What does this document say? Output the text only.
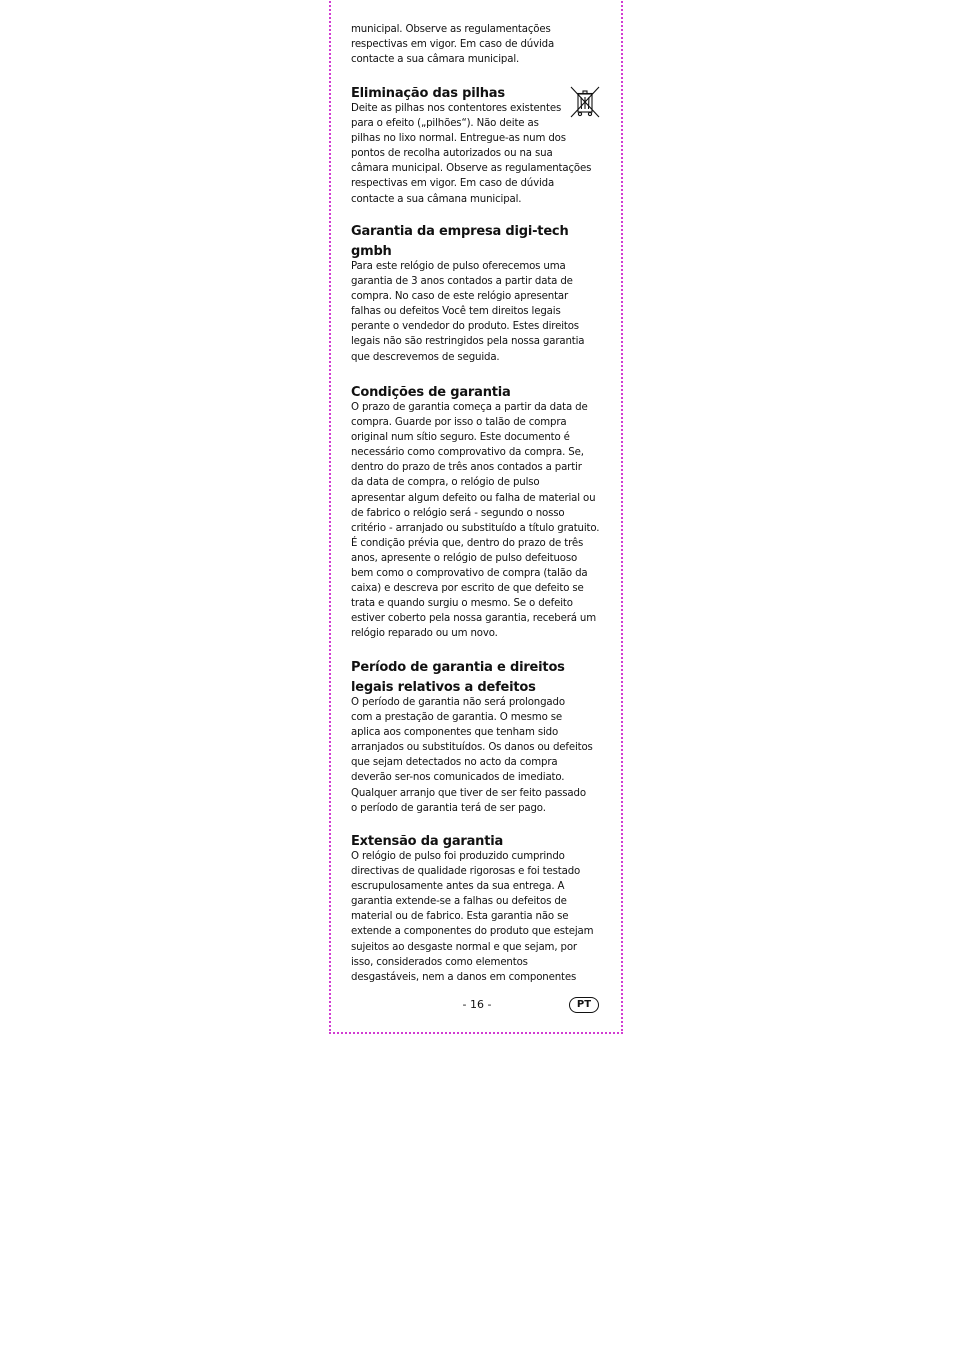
municipal. Observe as regulamentações
respectivas em vigor. Em caso de dúvida
contacte a sua câmara municipal.

Eliminação das pilhas

Deite as pilhas nos contentores existentes
para o efeito („pilhões“). Não deite as
pilhas no lixo normal. Entregue-as num dos
pontos de recolha autorizados ou na sua
câmara municipal. Observe as regulamentações
respectivas em vigor. Em caso de dúvida
contacte a sua câmana municipal.

Garantia da empresa digi-tech
gmbh

Para este relógio de pulso oferecemos uma
garantia de 3 anos contados a partir data de
compra. No caso de este relógio apresentar
falhas ou defeitos Você tem direitos legais
perante o vendedor do produto. Estes direitos
legais não são restringidos pela nossa garantia
que descrevemos de seguida.

Condições de garantia

O prazo de garantia começa a partir da data de
compra. Guarde por isso o talão de compra
original num sítio seguro. Este documento é
necessário como comprovativo da compra. Se,
dentro do prazo de três anos contados a partir
da data de compra, o relógio de pulso
apresentar algum defeito ou falha de material ou
de fabrico o relógio será - segundo o nosso
critério - arranjado ou substituído a título gratuito.
É condição prévia que, dentro do prazo de três
anos, apresente o relógio de pulso defeituoso
bem como o comprovativo de compra (talão da
caixa) e descreva por escrito de que defeito se
trata e quando surgiu o mesmo. Se o defeito
estiver coberto pela nossa garantia, receberá um
relógio reparado ou um novo.

Período de garantia e direitos
legais relativos a defeitos

O período de garantia não será prolongado
com a prestação de garantia. O mesmo se
aplica aos componentes que tenham sido
arranjados ou substituídos. Os danos ou defeitos
que sejam detectados no acto da compra
deverão ser-nos comunicados de imediato.
Qualquer arranjo que tiver de ser feito passado
o período de garantia terá de ser pago.

Extensão da garantia

O relógio de pulso foi produzido cumprindo
directivas de qualidade rigorosas e foi testado
escrupulosamente antes da sua entrega. A
garantia extende-se a falhas ou defeitos de
material ou de fabrico. Esta garantia não se
extende a componentes do produto que estejam
sujeitos ao desgaste normal e que sejam, por
isso, considerados como elementos
desgastáveis, nem a danos em componentes

- 16 -	PT
